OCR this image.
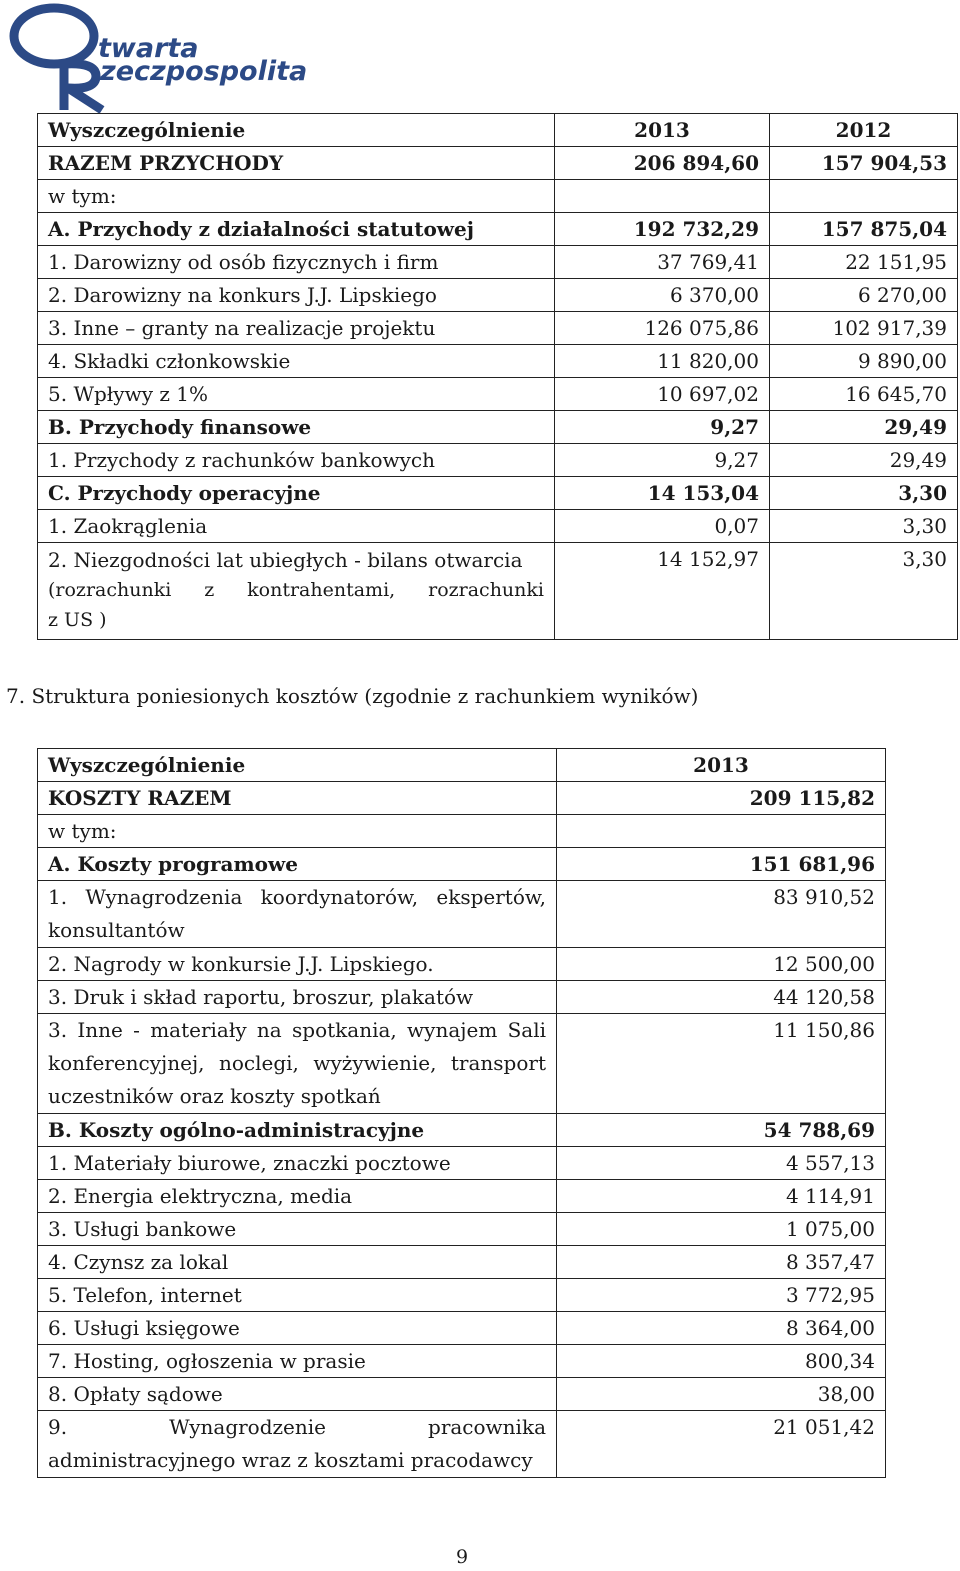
twarta
zeczpospolita
Wyszczególnienie	2013	2012
RAZEM PRZYCHODY	206 894,60	157 904,53
w tym:		
A. Przychody z działalności statutowej	192 732,29	157 875,04
1. Darowizny od osób fizycznych i firm	37 769,41	22 151,95
2. Darowizny na konkurs J.J. Lipskiego	6 370,00	6 270,00
3. Inne – granty na realizacje projektu	126 075,86	102 917,39
4. Składki członkowskie	11 820,00	9 890,00
5. Wpływy z 1%	10 697,02	16 645,70
B. Przychody finansowe	9,27	29,49
1. Przychody z rachunków bankowych	9,27	29,49
C. Przychody operacyjne	14 153,04	3,30
1. Zaokrąglenia	0,07	3,30

2. Niezgodności lat ubiegłych - bilans otwarcia
(rozrachunki z kontrahentami, rozrachunki
z US )	14 152,97	3,30
7. Struktura poniesionych kosztów (zgodnie z rachunkiem wyników)
Wyszczególnienie	2013
KOSZTY RAZEM	209 115,82
w tym:	
A. Koszty programowe	151 681,96
1. Wynagrodzenia koordynatorów, ekspertów, konsultantów	83 910,52
2. Nagrody w konkursie J.J. Lipskiego.	12 500,00
3. Druk i skład raportu, broszur, plakatów	44 120,58
3. Inne - materiały na spotkania, wynajem Sali konferencyjnej, noclegi, wyżywienie, transport uczestników oraz koszty spotkań	11 150,86
B. Koszty ogólno-administracyjne	54 788,69
1. Materiały biurowe, znaczki pocztowe	4 557,13
2. Energia elektryczna, media	4 114,91
3. Usługi bankowe	1 075,00
4. Czynsz za lokal	8 357,47
5. Telefon, internet	3 772,95
6. Usługi księgowe	8 364,00
7. Hosting, ogłoszenia w prasie	800,34
8. Opłaty sądowe	38,00
9. Wynagrodzenie pracownika administracyjnego wraz z kosztami pracodawcy	21 051,42
9
